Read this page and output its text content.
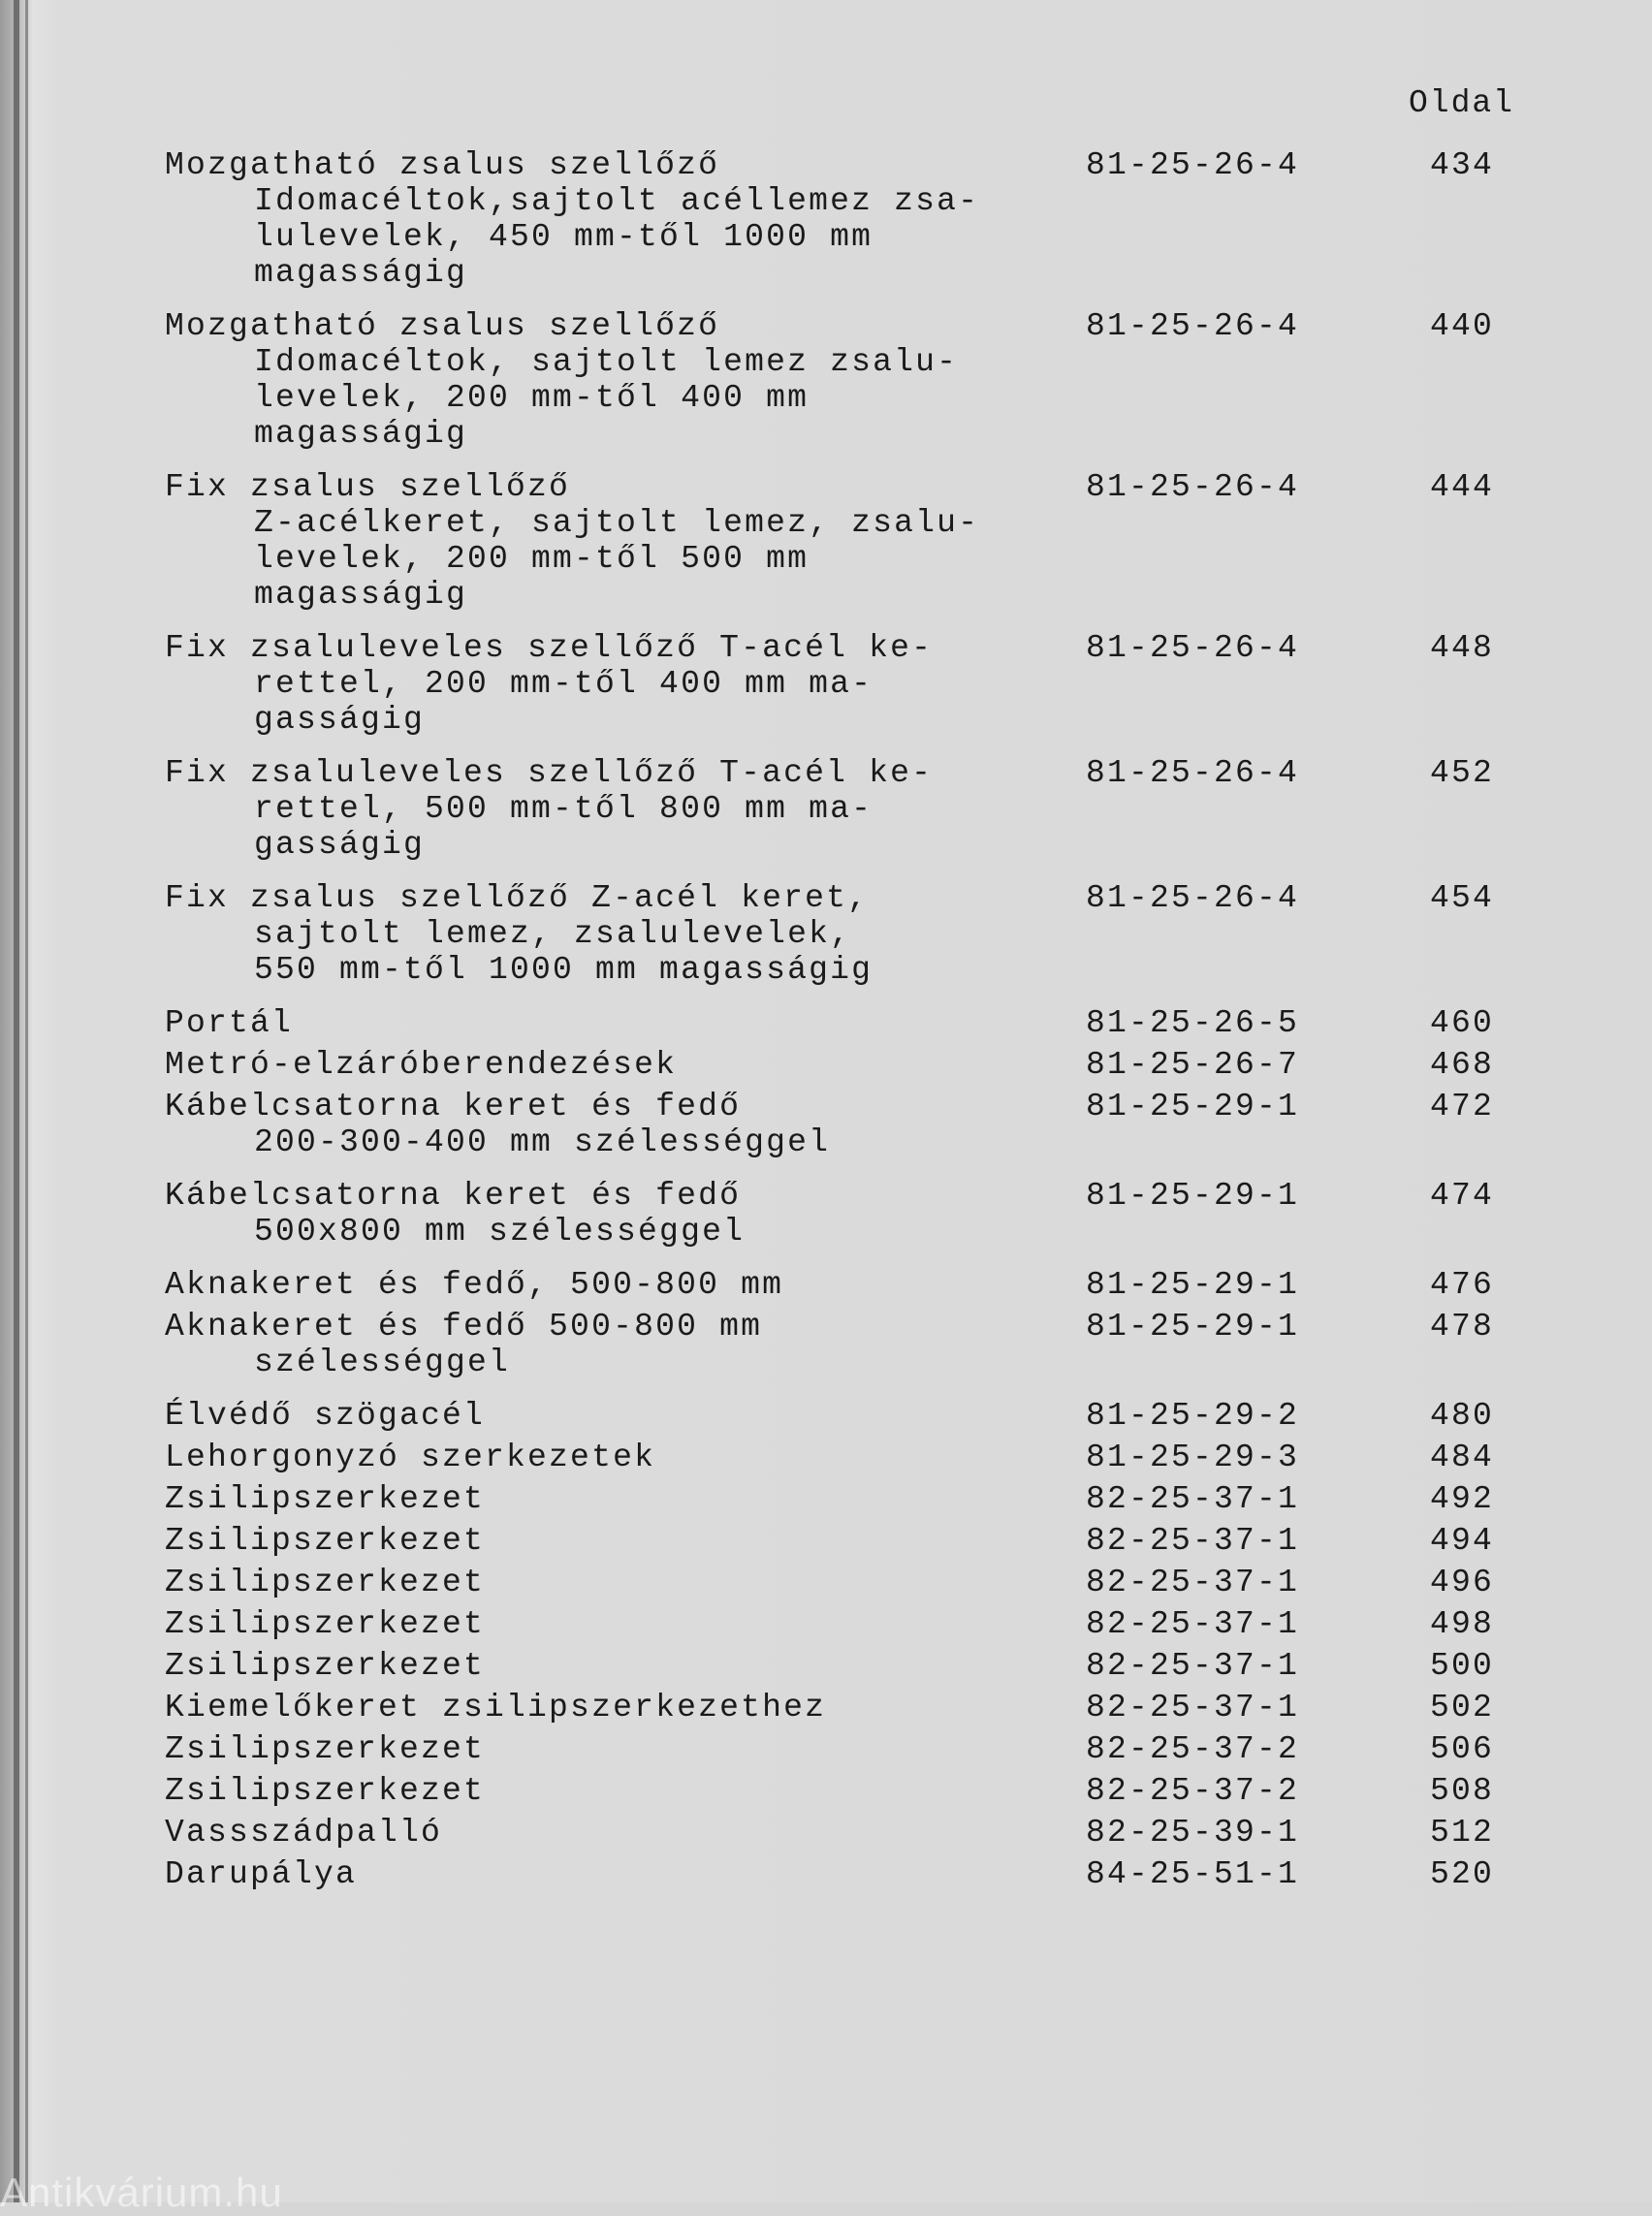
Oldal
Mozgatható zsalus szellőző
Idomacéltok,sajtolt acéllemez zsa-
lulevelek, 450 mm-től 1000 mm
magasságig
81-25-26-4	434
Mozgatható zsalus szellőző
Idomacéltok, sajtolt lemez zsalu-
levelek, 200 mm-től 400 mm
magasságig
81-25-26-4	440
Fix zsalus szellőző
Z-acélkeret, sajtolt lemez, zsalu-
levelek, 200 mm-től 500 mm
magasságig
81-25-26-4	444
Fix zsaluleveles szellőző T-acél ke-
rettel, 200 mm-től 400 mm ma-
gasságig
81-25-26-4	448
Fix zsaluleveles szellőző T-acél ke-
rettel, 500 mm-től 800 mm ma-
gasságig
81-25-26-4	452
Fix zsalus szellőző Z-acél keret,
sajtolt lemez, zsalulevelek,
550 mm-től 1000 mm magasságig
81-25-26-4	454
Portál	81-25-26-5	460
Metró-elzáróberendezések	81-25-26-7	468
Kábelcsatorna keret és fedő
200-300-400 mm szélességgel
81-25-29-1	472
Kábelcsatorna keret és fedő
500x800 mm szélességgel
81-25-29-1	474
Aknakeret és fedő, 500-800 mm	81-25-29-1	476
Aknakeret és fedő 500-800 mm
szélességgel
81-25-29-1	478
Élvédő szögacél	81-25-29-2	480
Lehorgonyzó szerkezetek	81-25-29-3	484
Zsilipszerkezet	82-25-37-1	492
Zsilipszerkezet	82-25-37-1	494
Zsilipszerkezet	82-25-37-1	496
Zsilipszerkezet	82-25-37-1	498
Zsilipszerkezet	82-25-37-1	500
Kiemelőkeret zsilipszerkezethez	82-25-37-1	502
Zsilipszerkezet	82-25-37-2	506
Zsilipszerkezet	82-25-37-2	508
Vassszádpalló	82-25-39-1	512
Darupálya	84-25-51-1	520
Antikvárium.hu
